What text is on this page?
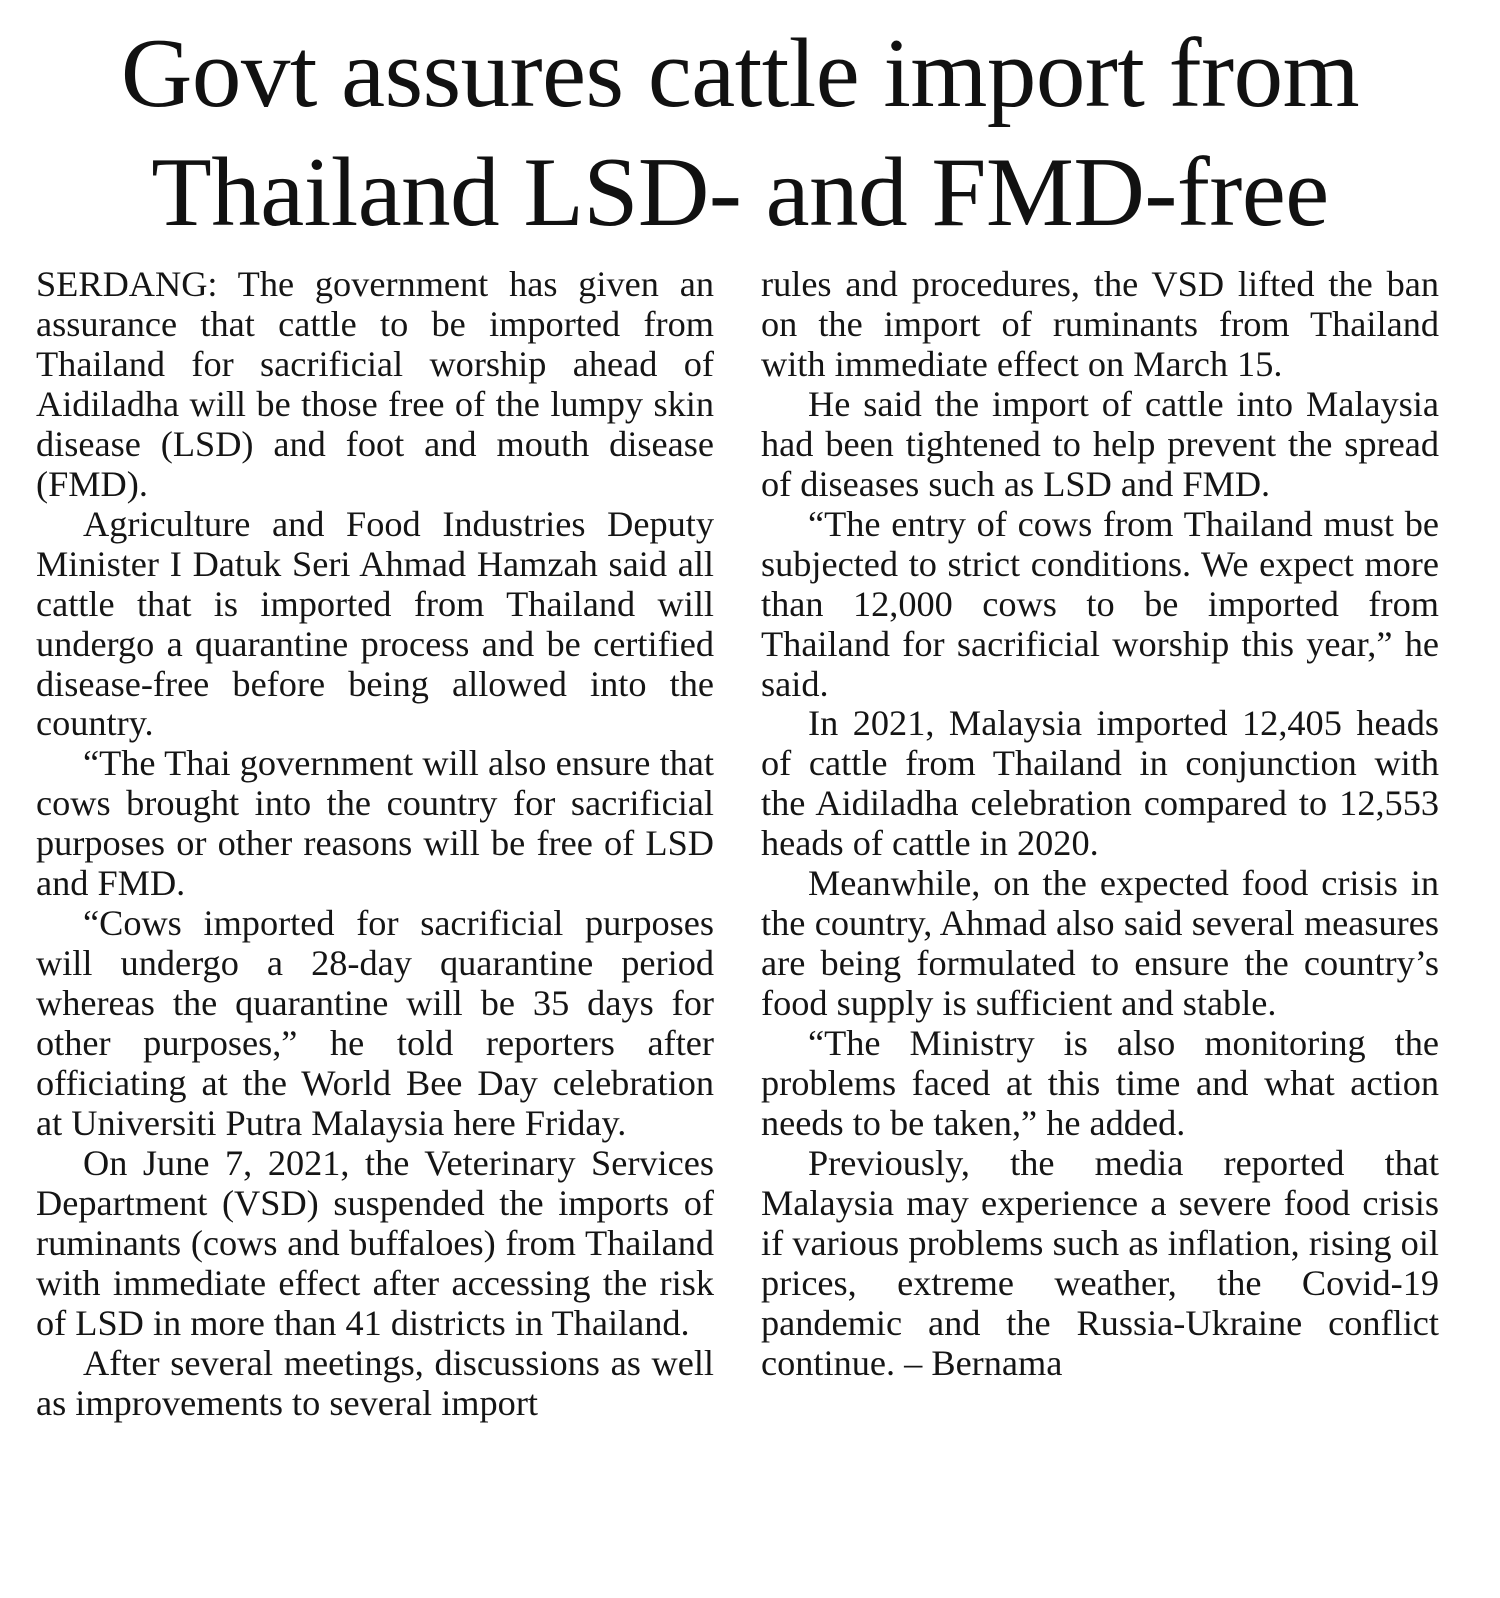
Govt assures cattle import from
Thailand LSD- and FMD-free

SERDANG: The government has given an assurance that cattle to be imported from Thailand for sacrificial worship ahead of Aidiladha will be those free of the lumpy skin disease (LSD) and foot and mouth disease (FMD).

Agriculture and Food Industries Deputy Minister I Datuk Seri Ahmad Hamzah said all cattle that is imported from Thailand will undergo a quarantine process and be certified disease-free before being allowed into the country.

“The Thai government will also ensure that cows brought into the country for sacrificial purposes or other reasons will be free of LSD and FMD.

“Cows imported for sacrificial purposes will undergo a 28-day quarantine period whereas the quarantine will be 35 days for other purposes,” he told reporters after officiating at the World Bee Day celebration at Universiti Putra Malaysia here Friday.

On June 7, 2021, the Veterinary Services Department (VSD) suspended the imports of ruminants (cows and buffaloes) from Thailand with immediate effect after accessing the risk of LSD in more than 41 districts in Thailand.

After several meetings, discussions as well as improvements to several import

rules and procedures, the VSD lifted the ban on the import of ruminants from Thailand with immediate effect on March 15.

He said the import of cattle into Malaysia had been tightened to help prevent the spread of diseases such as LSD and FMD.

“The entry of cows from Thailand must be subjected to strict conditions. We expect more than 12,000 cows to be imported from Thailand for sacrificial worship this year,” he said.

In 2021, Malaysia imported 12,405 heads of cattle from Thailand in conjunction with the Aidiladha celebration compared to 12,553 heads of cattle in 2020.

Meanwhile, on the expected food crisis in the country, Ahmad also said several measures are being formulated to ensure the country’s food supply is sufficient and stable.

“The Ministry is also monitoring the problems faced at this time and what action needs to be taken,” he added.

Previously, the media reported that Malaysia may experience a severe food crisis if various problems such as inflation, rising oil prices, extreme weather, the Covid-19 pandemic and the Russia-Ukraine conflict continue. – Bernama
